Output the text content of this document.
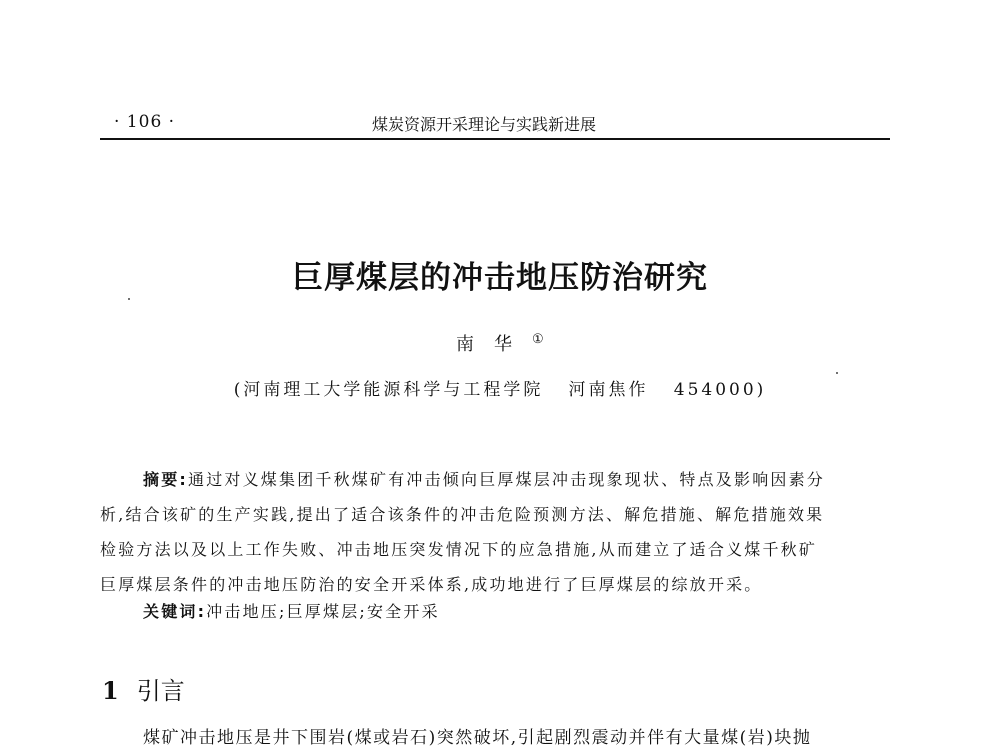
· 106 ·	煤炭资源开采理论与实践新进展
巨厚煤层的冲击地压防治研究
南华①
(河南理工大学能源科学与工程学院   河南焦作   454000)
摘要:通过对义煤集团千秋煤矿有冲击倾向巨厚煤层冲击现象现状、特点及影响因素分
析,结合该矿的生产实践,提出了适合该条件的冲击危险预测方法、解危措施、解危措施效果
检验方法以及以上工作失败、冲击地压突发情况下的应急措施,从而建立了适合义煤千秋矿
巨厚煤层条件的冲击地压防治的安全开采体系,成功地进行了巨厚煤层的综放开采。
关键词:冲击地压;巨厚煤层;安全开采
1 引言
煤矿冲击地压是井下围岩(煤或岩石)突然破坏,引起剧烈震动并伴有大量煤(岩)块抛
